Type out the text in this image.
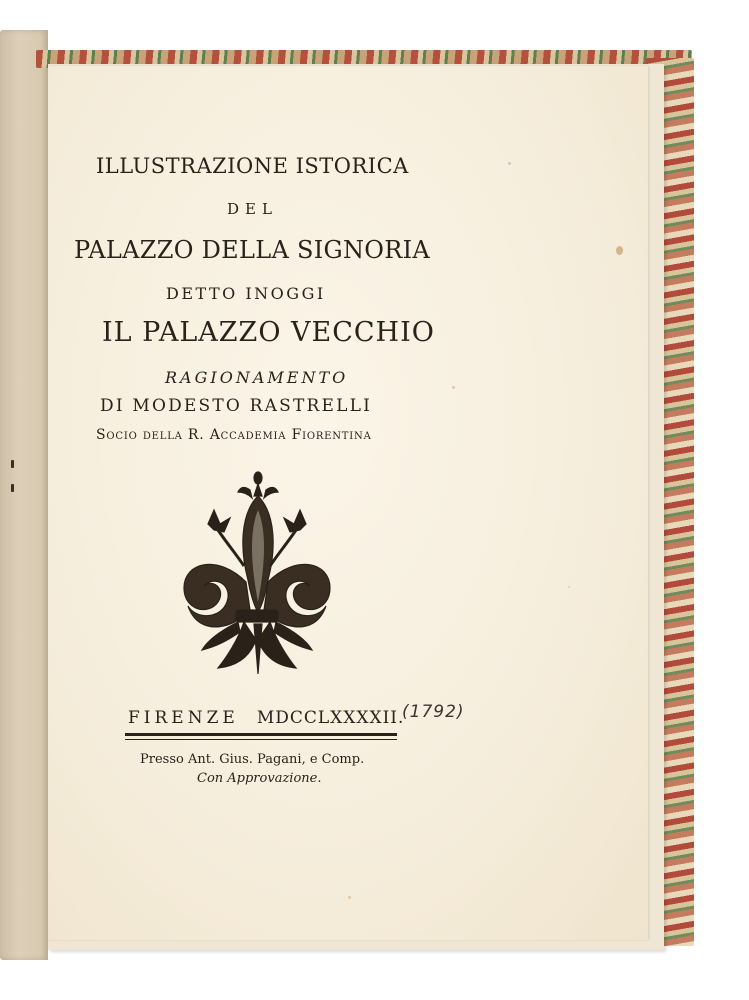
ILLUSTRAZIONE ISTORICA
DEL
PALAZZO DELLA SIGNORIA
DETTO INOGGI
IL PALAZZO VECCHIO
RAGIONAMENTO
DI MODESTO RASTRELLI
Socio della R. Accademia Fiorentina
FIRENZE MDCCLXXXXII.
(1792)
Presso Ant. Gius. Pagani, e Comp.
Con Approvazione.
